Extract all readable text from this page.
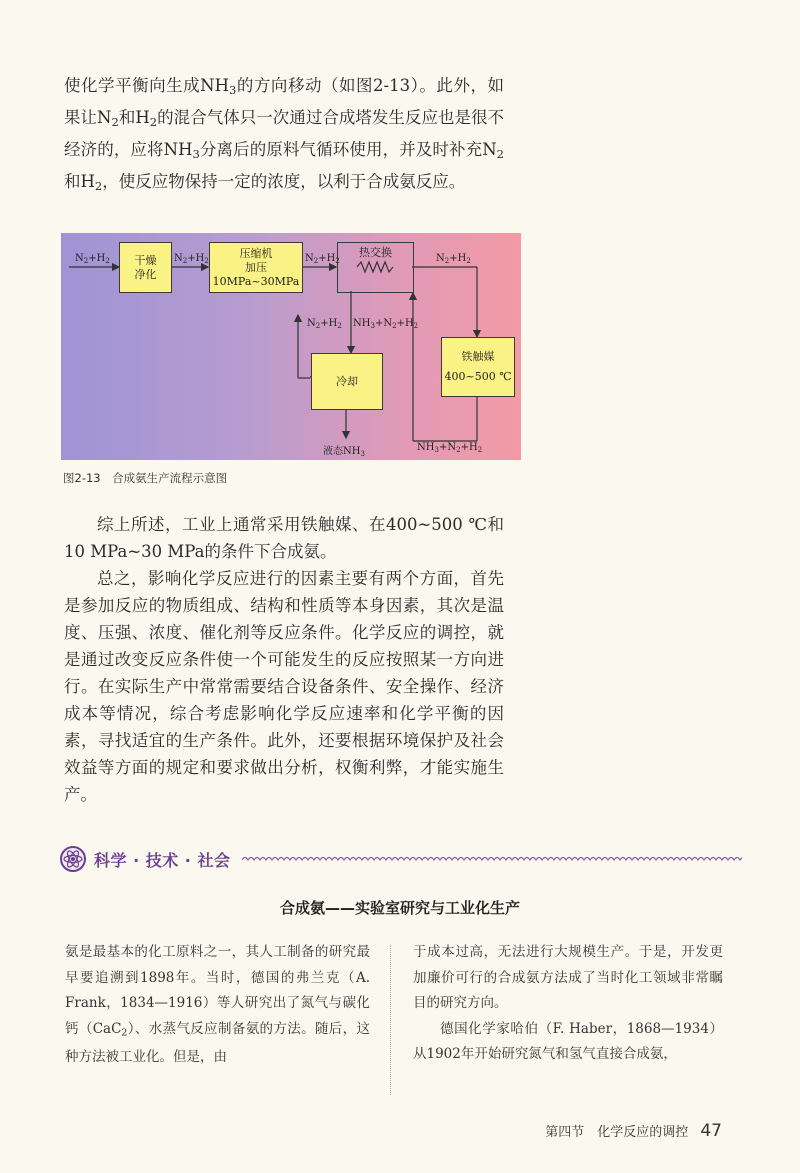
使化学平衡向生成$NH_3$的方向移动（如图2-13）。此外，如果让$N_2$和$H_2$的混合气体只一次通过合成塔发生反应也是很不经济的，应将$NH_3$分离后的原料气循环使用，并及时补充$N_2$和$H_2$，使反应物保持一定的浓度，以利于合成氨反应。

干燥
净化
压缩机
加压
10MPa~30MPa
热交换
冷却
铁触媒
400~500 ℃
$N_2+H_2$	$N_2+H_2$	$N_2+H_2$	$N_2+H_2$
$N_2+H_2$ $NH_3+N_2+H_2$
液态$NH_3$
$NH_3+N_2+H_2$
图2-13　合成氨生产流程示意图

综上所述，工业上通常采用铁触媒、在400~500 ℃和10 MPa~30 MPa的条件下合成氨。

总之，影响化学反应进行的因素主要有两个方面，首先是参加反应的物质组成、结构和性质等本身因素，其次是温度、压强、浓度、催化剂等反应条件。化学反应的调控，就是通过改变反应条件使一个可能发生的反应按照某一方向进行。在实际生产中常常需要结合设备条件、安全操作、经济成本等情况，综合考虑影响化学反应速率和化学平衡的因素，寻找适宜的生产条件。此外，还要根据环境保护及社会效益等方面的规定和要求做出分析，权衡利弊，才能实施生产。

科学 · 技术 · 社会
合成氨——实验室研究与工业化生产

氨是最基本的化工原料之一，其人工制备的研究最早要追溯到1898年。当时，德国的弗兰克（A. Frank，1834—1916）等人研究出了氮气与碳化钙（CaC$_2$）、水蒸气反应制备氨的方法。随后，这种方法被工业化。但是，由

于成本过高，无法进行大规模生产。于是，开发更加廉价可行的合成氨方法成了当时化工领域非常瞩目的研究方向。

德国化学家哈伯（F. Haber，1868—1934）从1902年开始研究氮气和氢气直接合成氨，

第四节　化学反应的调控 47
